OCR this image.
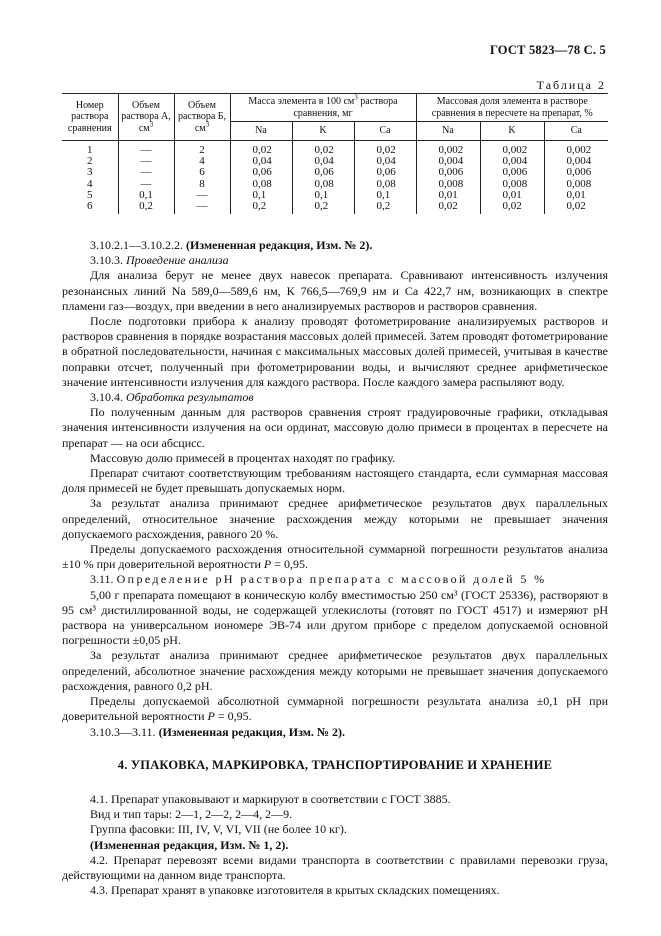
ГОСТ 5823—78 С. 5
Таблица 2
Номер раствора сравнения	Объем раствора А, $см^3$	Объем раствора Б, $см^3$	Масса элемента в 100 $см^3$ раствора сравнения, мг			Массовая доля элемента в растворе сравнения в пересчете на препарат, %		
			Na	K	Ca	Na	K	Ca
1	—	2	0,02	0,02	0,02	0,002	0,002	0,002
2	—	4	0,04	0,04	0,04	0,004	0,004	0,004
3	—	6	0,06	0,06	0,06	0,006	0,006	0,006
4	—	8	0,08	0,08	0,08	0,008	0,008	0,008
5	0,1	—	0,1	0,1	0,1	0,01	0,01	0,01
6	0,2	—	0,2	0,2	0,2	0,02	0,02	0,02

3.10.2.1—3.10.2.2. (Измененная редакция, Изм. № 2).

3.10.3. Проведение анализа

Для анализа берут не менее двух навесок препарата. Сравнивают интенсивность излучения резонансных линий Na 589,0—589,6 нм, К 766,5—769,9 нм и Са 422,7 нм, возникающих в спектре пламени газ—воздух, при введении в него анализируемых растворов и растворов сравнения.

После подготовки прибора к анализу проводят фотометрирование анализируемых растворов и растворов сравнения в порядке возрастания массовых долей примесей. Затем проводят фотометрирование в обратной последовательности, начиная с максимальных массовых долей примесей, учитывая в качестве поправки отсчет, полученный при фотометрировании воды, и вычисляют среднее арифметическое значение интенсивности излучения для каждого раствора. После каждого замера распыляют воду.

3.10.4. Обработка результатов

По полученным данным для растворов сравнения строят градуировочные графики, откладывая значения интенсивности излучения на оси ординат, массовую долю примеси в процентах в пересчете на препарат — на оси абсцисс.

Массовую долю примесей в процентах находят по графику.

Препарат считают соответствующим требованиям настоящего стандарта, если суммарная массовая доля примесей не будет превышать допускаемых норм.

За результат анализа принимают среднее арифметическое результатов двух параллельных определений, относительное значение расхождения между которыми не превышает значения допускаемого расхождения, равного 20 %.

Пределы допускаемого расхождения относительной суммарной погрешности результатов анализа ±10 % при доверительной вероятности P = 0,95.

3.11. Определение pH раствора препарата с массовой долей 5 %

5,00 г препарата помещают в коническую колбу вместимостью 250 см³ (ГОСТ 25336), растворяют в 95 см³ дистиллированной воды, не содержащей углекислоты (готовят по ГОСТ 4517) и измеряют pH раствора на универсальном иономере ЭВ-74 или другом приборе с пределом допускаемой основной погрешности ±0,05 pH.

За результат анализа принимают среднее арифметическое результатов двух параллельных определений, абсолютное значение расхождения между которыми не превышает значения допускаемого расхождения, равного 0,2 pH.

Пределы допускаемой абсолютной суммарной погрешности результата анализа ±0,1 pH при доверительной вероятности P = 0,95.

3.10.3—3.11. (Измененная редакция, Изм. № 2).

4. УПАКОВКА, МАРКИРОВКА, ТРАНСПОРТИРОВАНИЕ И ХРАНЕНИЕ

4.1. Препарат упаковывают и маркируют в соответствии с ГОСТ 3885.

Вид и тип тары: 2—1, 2—2, 2—4, 2—9.

Группа фасовки: III, IV, V, VI, VII (не более 10 кг).

(Измененная редакция, Изм. № 1, 2).

4.2. Препарат перевозят всеми видами транспорта в соответствии с правилами перевозки груза, действующими на данном виде транспорта.

4.3. Препарат хранят в упаковке изготовителя в крытых складских помещениях.
